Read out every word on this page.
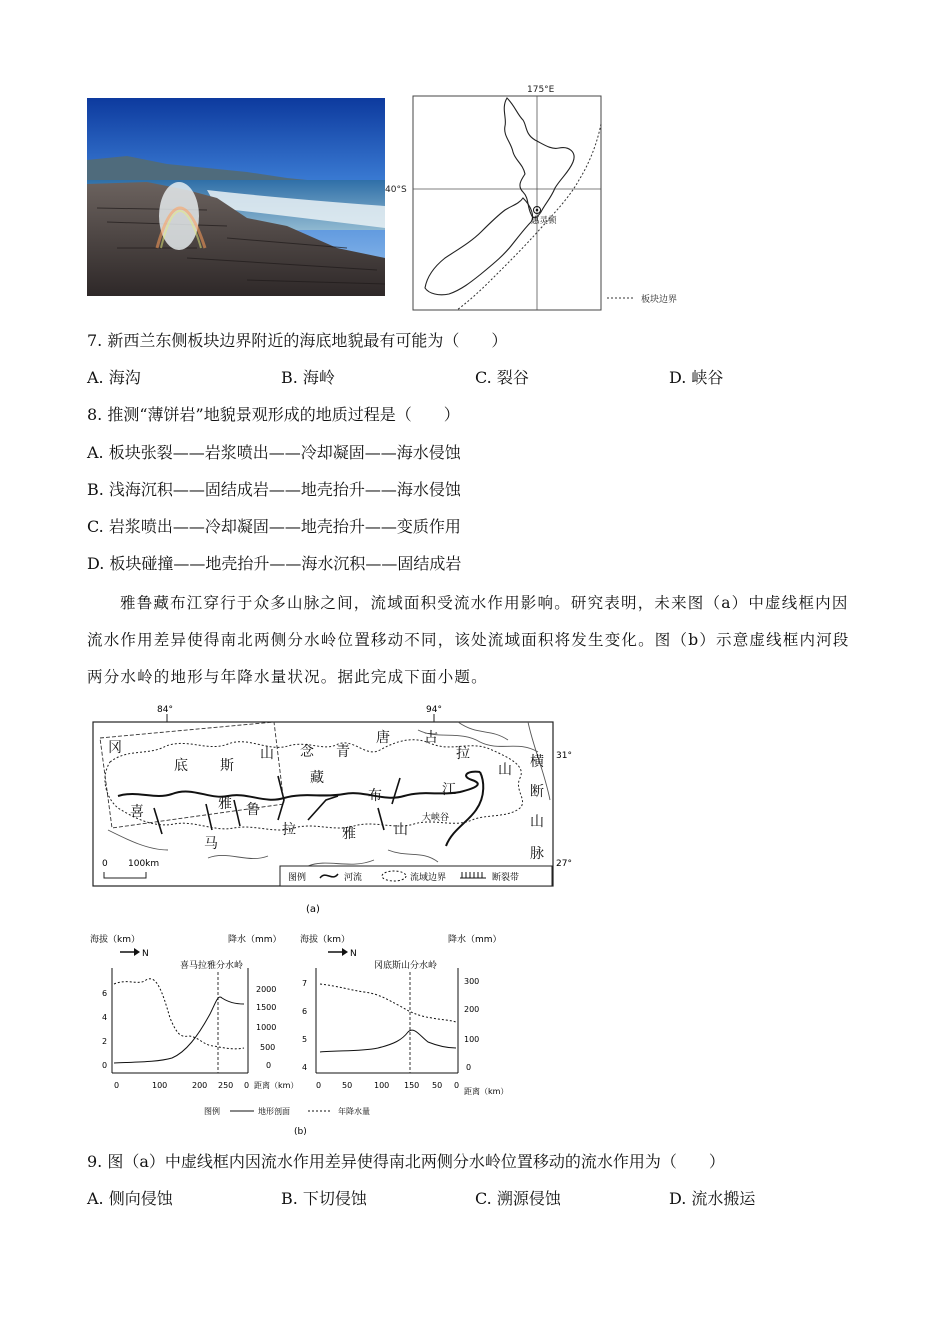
惠灵顿
175°E
40°S
板块边界
7. 新西兰东侧板块边界附近的海底地貌最有可能为（　　）
A. 海沟	B. 海岭	C. 裂谷	D. 峡谷
8. 推测“薄饼岩”地貌景观形成的地质过程是（　　）
A. 板块张裂——岩浆喷出——冷却凝固——海水侵蚀
B. 浅海沉积——固结成岩——地壳抬升——海水侵蚀
C. 岩浆喷出——冷却凝固——地壳抬升——变质作用
D. 板块碰撞——地壳抬升——海水沉积——固结成岩
雅鲁藏布江穿行于众多山脉之间，流域面积受流水作用影响。研究表明，未来图（a）中虚线框内因
流水作用差异使得南北两侧分水岭位置移动不同，该处流域面积将发生变化。图（b）示意虚线框内河段
两分水岭的地形与年降水量状况。据此完成下面小题。
84°	94°
31°
27°
冈
底 斯
山 念 青
唐 古
拉
山
喜
马
拉	雅	山
雅 鲁
藏
布	江
横
断
山
脉
大峡谷
0 100km
图例	河流	流域边界	断裂带
(a)
海拔（km）	降水（mm）
N
喜马拉雅分水岭
6
4
2
0
2000
1500
1000
500
0
0	100	200 250 0 距离（km）
海拔（km）	降水（mm）
N
冈底斯山分水岭
7
6
5
4
300
200
100
0
0	50	100 150 50 0
距离（km）
图例	地形剖面	年降水量
(b)
9. 图（a）中虚线框内因流水作用差异使得南北两侧分水岭位置移动的流水作用为（　　）
A. 侧向侵蚀	B. 下切侵蚀	C. 溯源侵蚀	D. 流水搬运
